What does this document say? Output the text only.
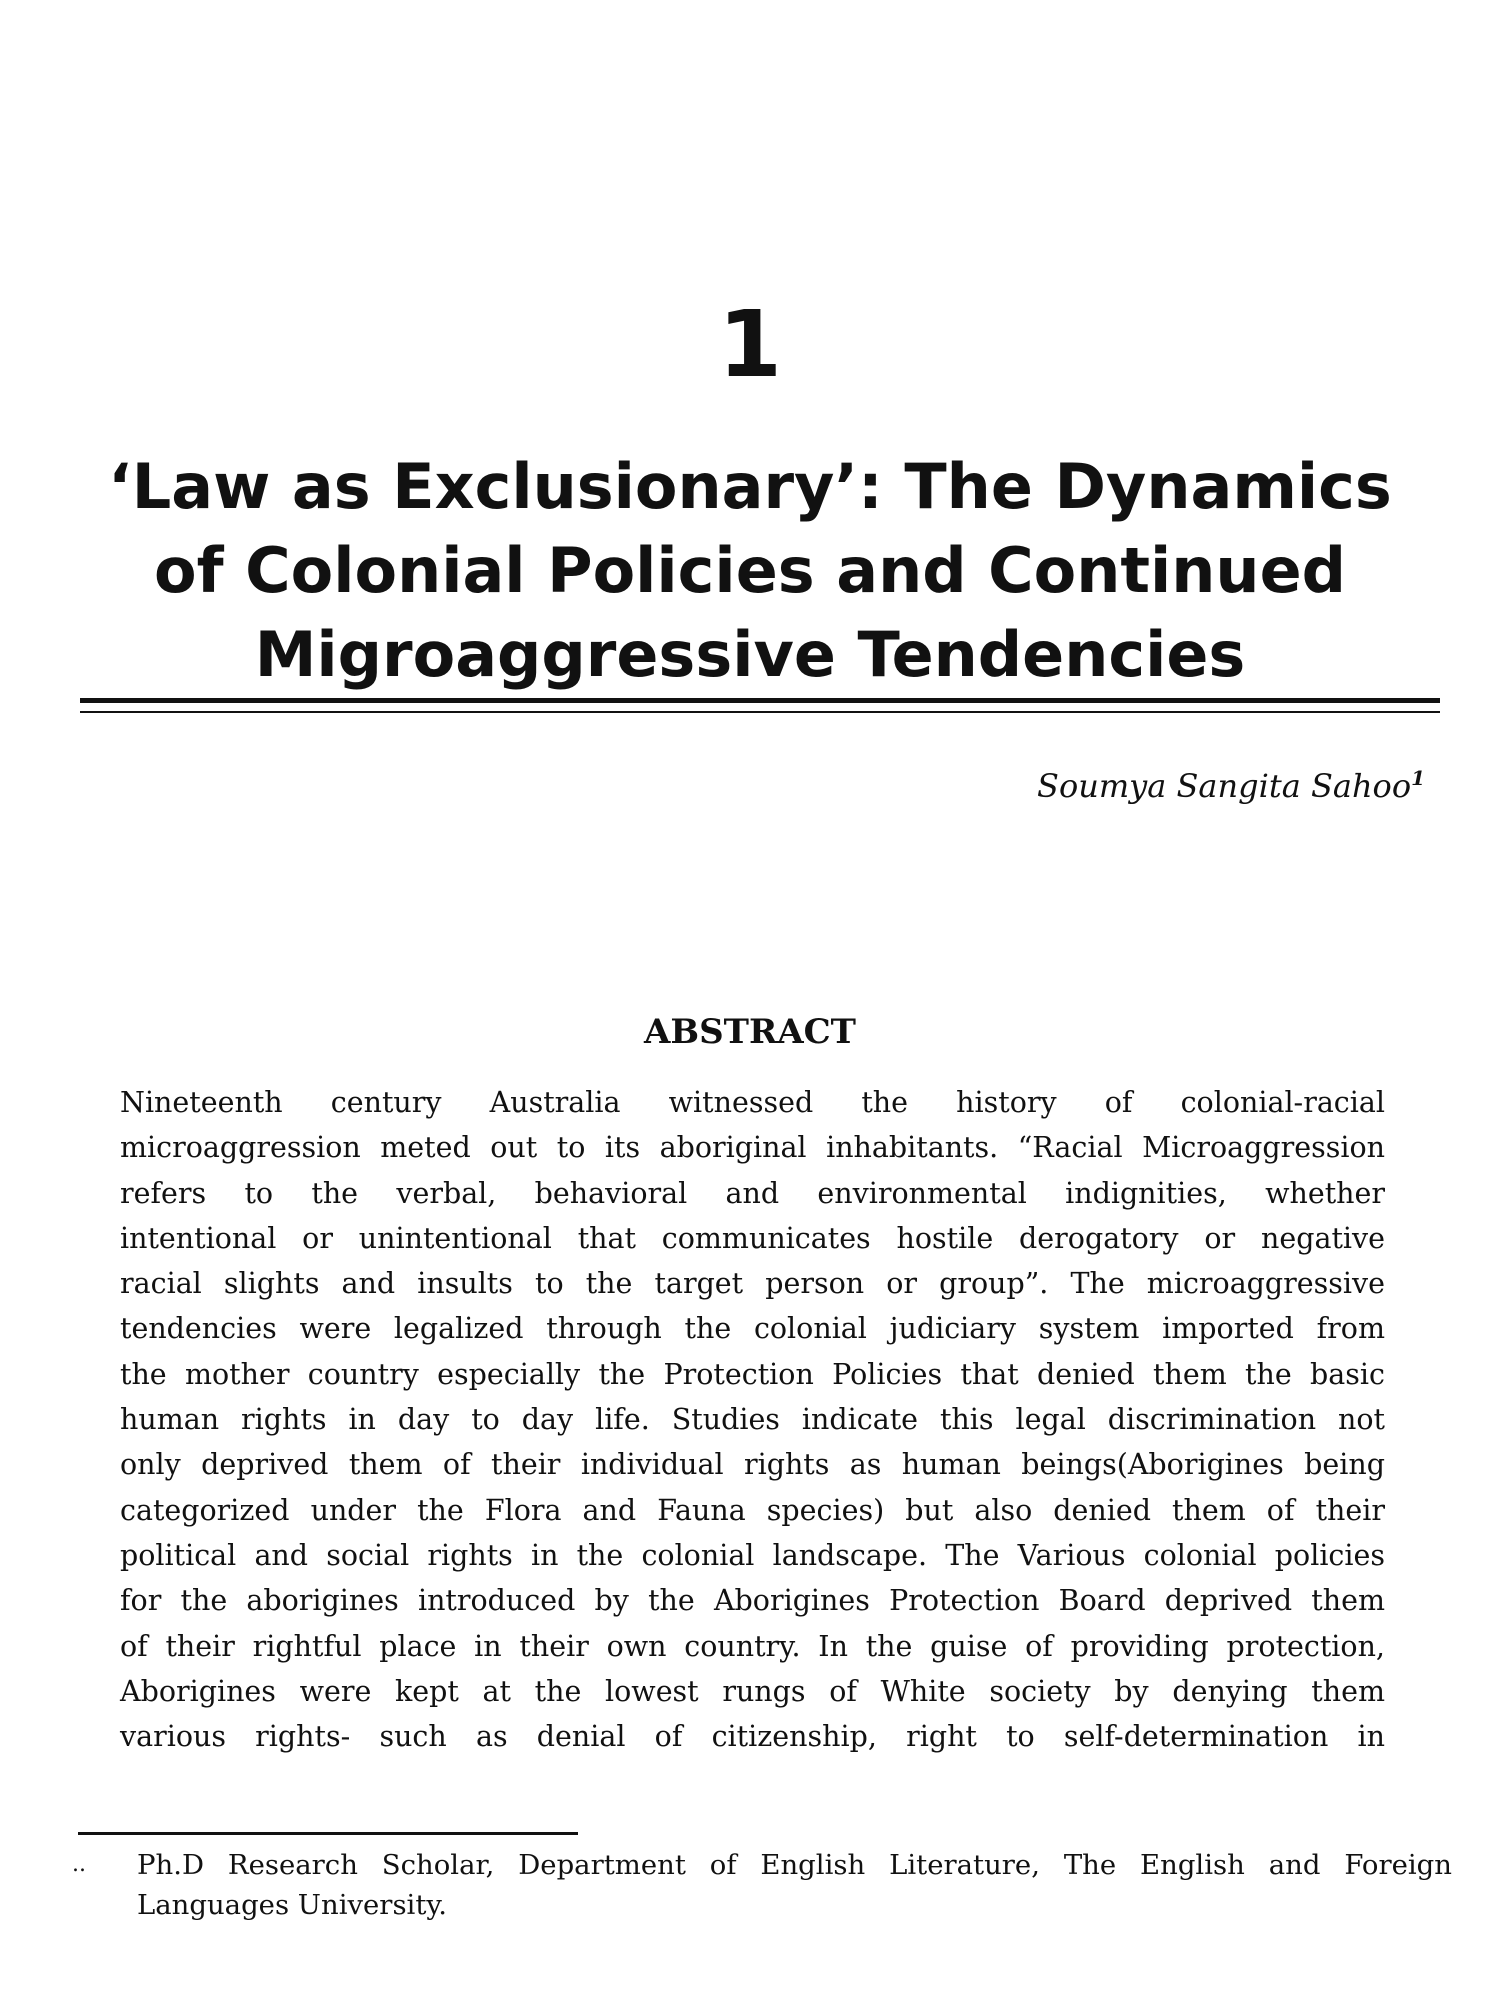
1
‘Law as Exclusionary’: The Dynamics
of Colonial Policies and Continued
Migroaggressive Tendencies
Soumya Sangita Sahoo$^1$
ABSTRACT
Nineteenth century Australia witnessed the history of colonial-racial
microaggression meted out to its aboriginal inhabitants. “Racial Microaggression
refers to the verbal, behavioral and environmental indignities, whether
intentional or unintentional that communicates hostile derogatory or negative
racial slights and insults to the target person or group”. The microaggressive
tendencies were legalized through the colonial judiciary system imported from
the mother country especially the Protection Policies that denied them the basic
human rights in day to day life. Studies indicate this legal discrimination not
only deprived them of their individual rights as human beings(Aborigines being
categorized under the Flora and Fauna species) but also denied them of their
political and social rights in the colonial landscape. The Various colonial policies
for the aborigines introduced by the Aborigines Protection Board deprived them
of their rightful place in their own country. In the guise of providing protection,
Aborigines were kept at the lowest rungs of White society by denying them
various rights- such as denial of citizenship, right to self-determination in
.. Ph.D Research Scholar, Department of English Literature, The English and Foreign
Languages University.
